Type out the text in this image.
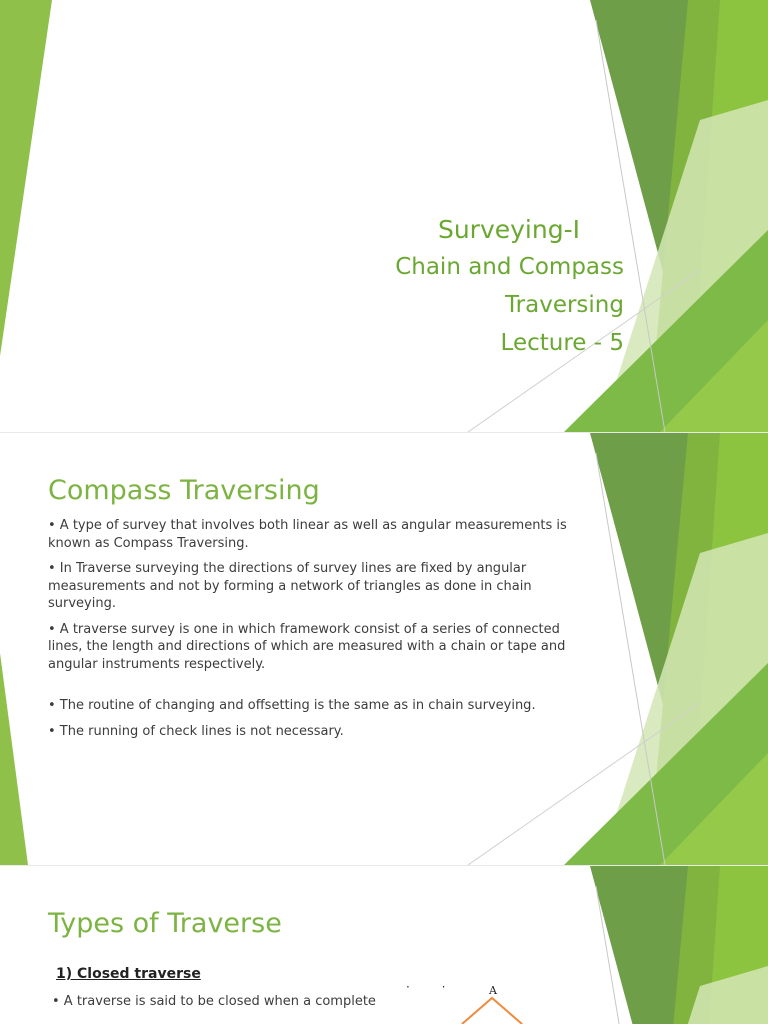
Surveying-I
Chain and Compass
Traversing
Lecture - 5
Compass Traversing

• A type of survey that involves both linear as well as angular measurements is known as Compass Traversing.

• In Traverse surveying the directions of survey lines are fixed by angular measurements and not by forming a network of triangles as done in chain surveying.

• A traverse survey is one in which framework consist of a series of connected lines, the length and directions of which are measured with a chain or tape and angular instruments respectively.

• The routine of changing and offsetting is the same as in chain surveying.

• The running of check lines is not necessary.

Types of Traverse
1) Closed traverse
• A traverse is said to be closed when a complete
· ·	A
